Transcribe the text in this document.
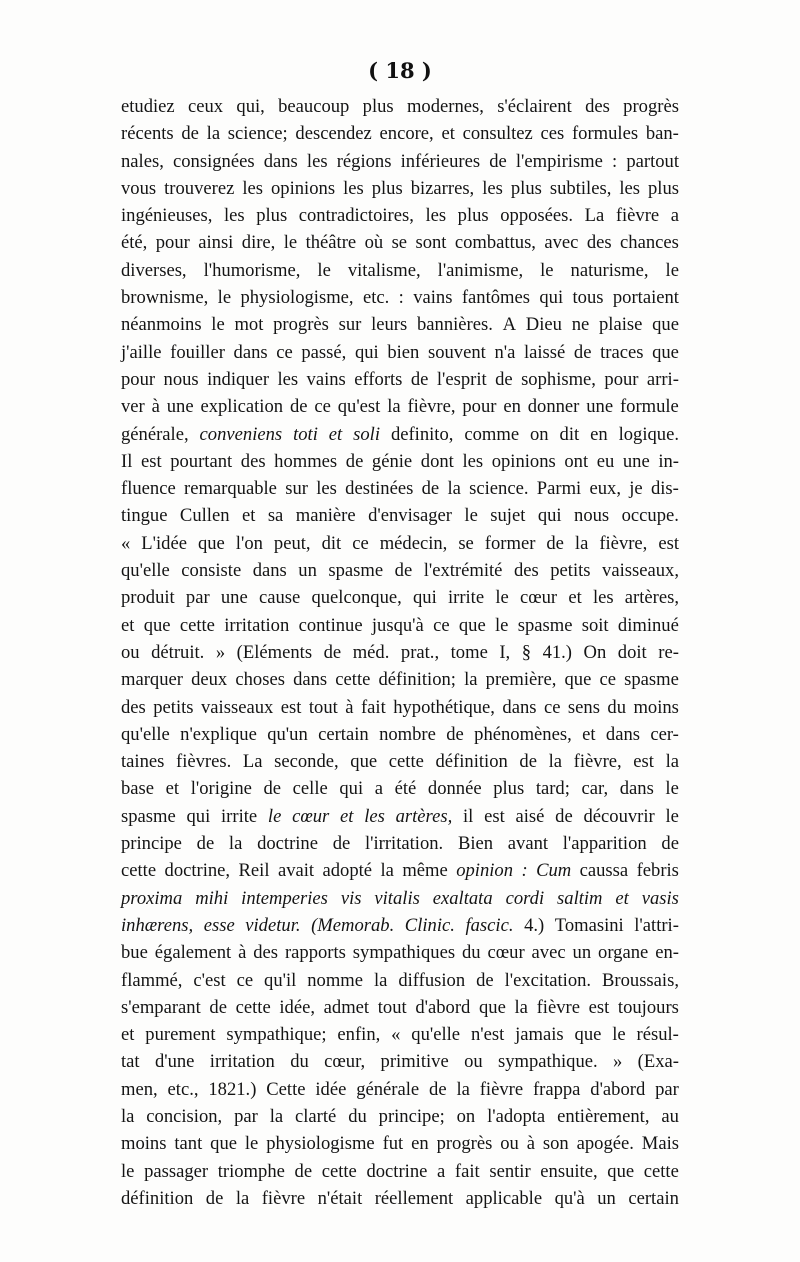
( 18 )
etudiez ceux qui, beaucoup plus modernes, s'éclairent des progrès
récents de la science; descendez encore, et consultez ces formules ban-
nales, consignées dans les régions inférieures de l'empirisme : partout
vous trouverez les opinions les plus bizarres, les plus subtiles, les plus
ingénieuses, les plus contradictoires, les plus opposées. La fièvre a
été, pour ainsi dire, le théâtre où se sont combattus, avec des chances
diverses, l'humorisme, le vitalisme, l'animisme, le naturisme, le
brownisme, le physiologisme, etc. : vains fantômes qui tous portaient
néanmoins le mot progrès sur leurs bannières. A Dieu ne plaise que
j'aille fouiller dans ce passé, qui bien souvent n'a laissé de traces que
pour nous indiquer les vains efforts de l'esprit de sophisme, pour arri-
ver à une explication de ce qu'est la fièvre, pour en donner une formule
générale, conveniens toti et soli definito, comme on dit en logique.
Il est pourtant des hommes de génie dont les opinions ont eu une in-
fluence remarquable sur les destinées de la science. Parmi eux, je dis-
tingue Cullen et sa manière d'envisager le sujet qui nous occupe.
« L'idée que l'on peut, dit ce médecin, se former de la fièvre, est
qu'elle consiste dans un spasme de l'extrémité des petits vaisseaux,
produit par une cause quelconque, qui irrite le cœur et les artères,
et que cette irritation continue jusqu'à ce que le spasme soit diminué
ou détruit. » (Eléments de méd. prat., tome I, § 41.) On doit re-
marquer deux choses dans cette définition; la première, que ce spasme
des petits vaisseaux est tout à fait hypothétique, dans ce sens du moins
qu'elle n'explique qu'un certain nombre de phénomènes, et dans cer-
taines fièvres. La seconde, que cette définition de la fièvre, est la
base et l'origine de celle qui a été donnée plus tard; car, dans le
spasme qui irrite le cœur et les artères, il est aisé de découvrir le
principe de la doctrine de l'irritation. Bien avant l'apparition de
cette doctrine, Reil avait adopté la même opinion : Cum caussa febris
proxima mihi intemperies vis vitalis exaltata cordi saltim et vasis
inhærens, esse videtur. (Memorab. Clinic. fascic. 4.) Tomasini l'attri-
bue également à des rapports sympathiques du cœur avec un organe en-
flammé, c'est ce qu'il nomme la diffusion de l'excitation. Broussais,
s'emparant de cette idée, admet tout d'abord que la fièvre est toujours
et purement sympathique; enfin, « qu'elle n'est jamais que le résul-
tat d'une irritation du cœur, primitive ou sympathique. » (Exa-
men, etc., 1821.) Cette idée générale de la fièvre frappa d'abord par
la concision, par la clarté du principe; on l'adopta entièrement, au
moins tant que le physiologisme fut en progrès ou à son apogée. Mais
le passager triomphe de cette doctrine a fait sentir ensuite, que cette
définition de la fièvre n'était réellement applicable qu'à un certain
